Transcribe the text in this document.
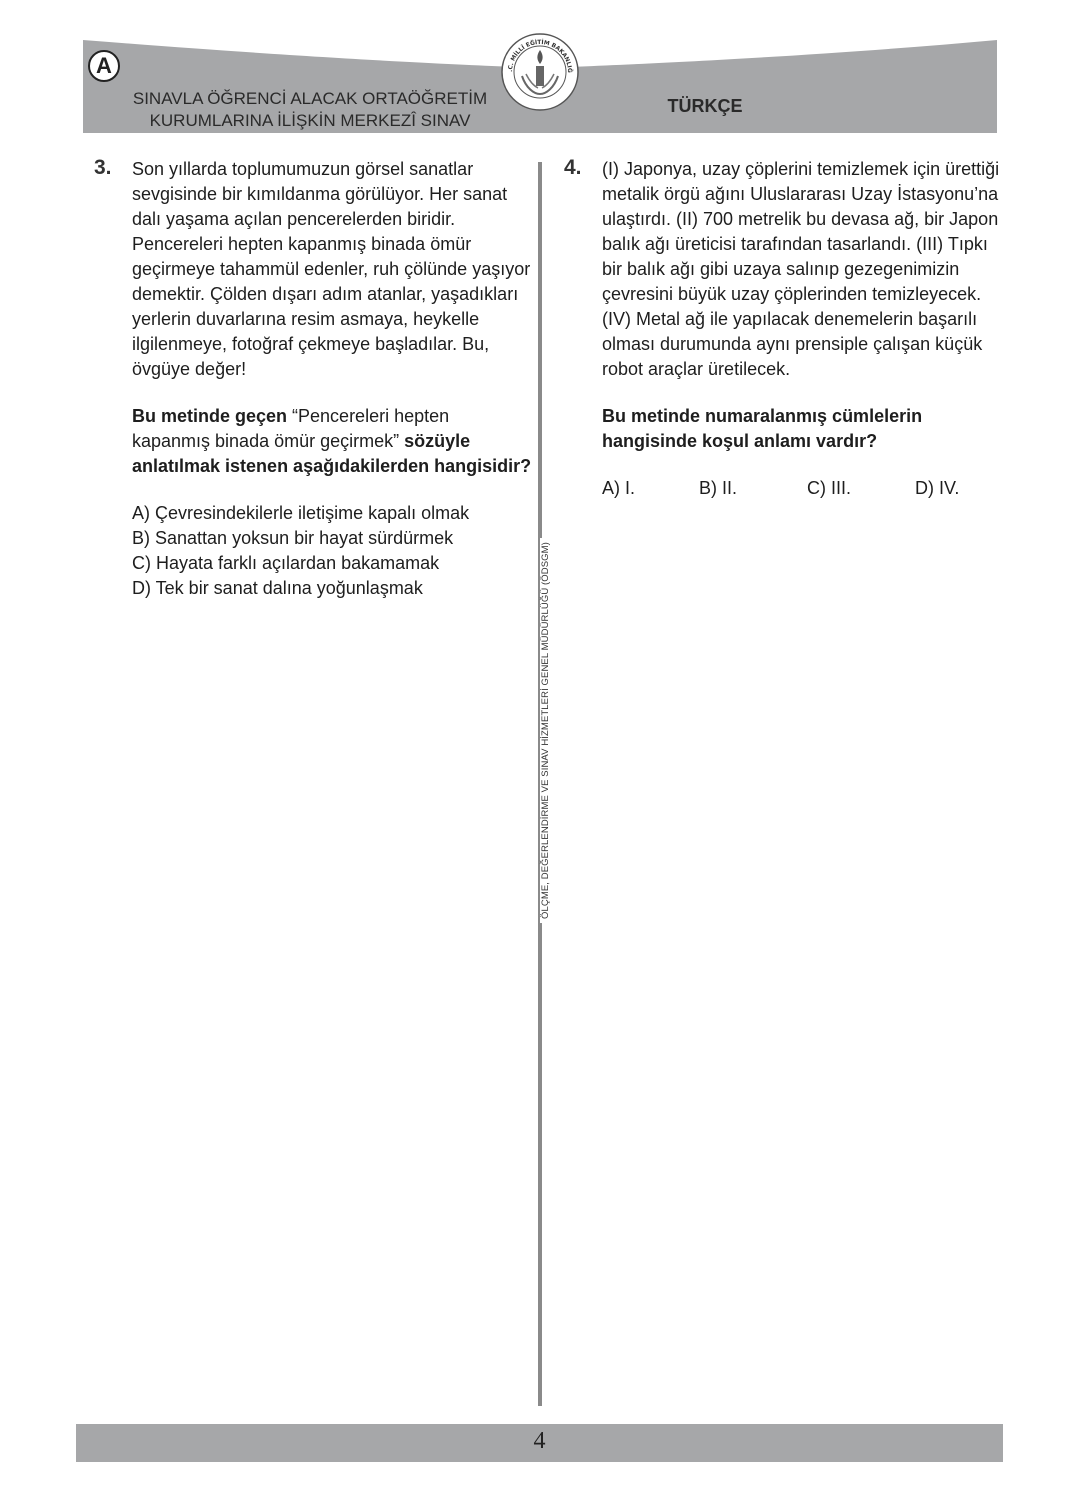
A
SINAVLA ÖĞRENCİ ALACAK ORTAÖĞRETİM
KURUMLARINA İLİŞKİN MERKEZÎ SINAV
TÜRKÇE
.C. MİLLÎ EĞİTİM BAKANLIĞ
3. Son yıllarda toplumumuzun görsel sanatlar sevgisinde bir kımıldanma görülüyor. Her sanat dalı yaşama açılan pencerelerden biridir. Pencereleri hepten kapanmış binada ömür geçirmeye tahammül edenler, ruh çölünde yaşıyor demektir. Çölden dışarı adım atanlar, yaşadıkları yerlerin duvarlarına resim asmaya, heykelle ilgilenmeye, fotoğraf çekmeye başladılar. Bu, övgüye değer!

Bu metinde geçen “Pencereleri hepten kapanmış binada ömür geçirmek” sözüyle anlatılmak istenen aşağıdakilerden hangisidir?
A) Çevresindekilerle iletişime kapalı olmak
B) Sanattan yoksun bir hayat sürdürmek
C) Hayata farklı açılardan bakamamak
D) Tek bir sanat dalına yoğunlaşmak	ÖLÇME, DEĞERLENDİRME VE SINAV HİZMETLERİ GENEL MÜDÜRLÜĞÜ (ÖDSGM)
4. (I) Japonya, uzay çöplerini temizlemek için ürettiği metalik örgü ağını Uluslararası Uzay İstasyonu’na ulaştırdı. (II) 700 metrelik bu devasa ağ, bir Japon balık ağı üreticisi tarafından tasarlandı. (III) Tıpkı bir balık ağı gibi uzaya salınıp gezegenimizin çevresini büyük uzay çöplerinden temizleyecek. (IV) Metal ağ ile yapılacak denemelerin başarılı olması durumunda aynı prensiple çalışan küçük robot araçlar üretilecek.

Bu metinde numaralanmış cümlelerin hangisinde koşul anlamı vardır?
A) I.	B) II.	C) III.	D) IV.
4
